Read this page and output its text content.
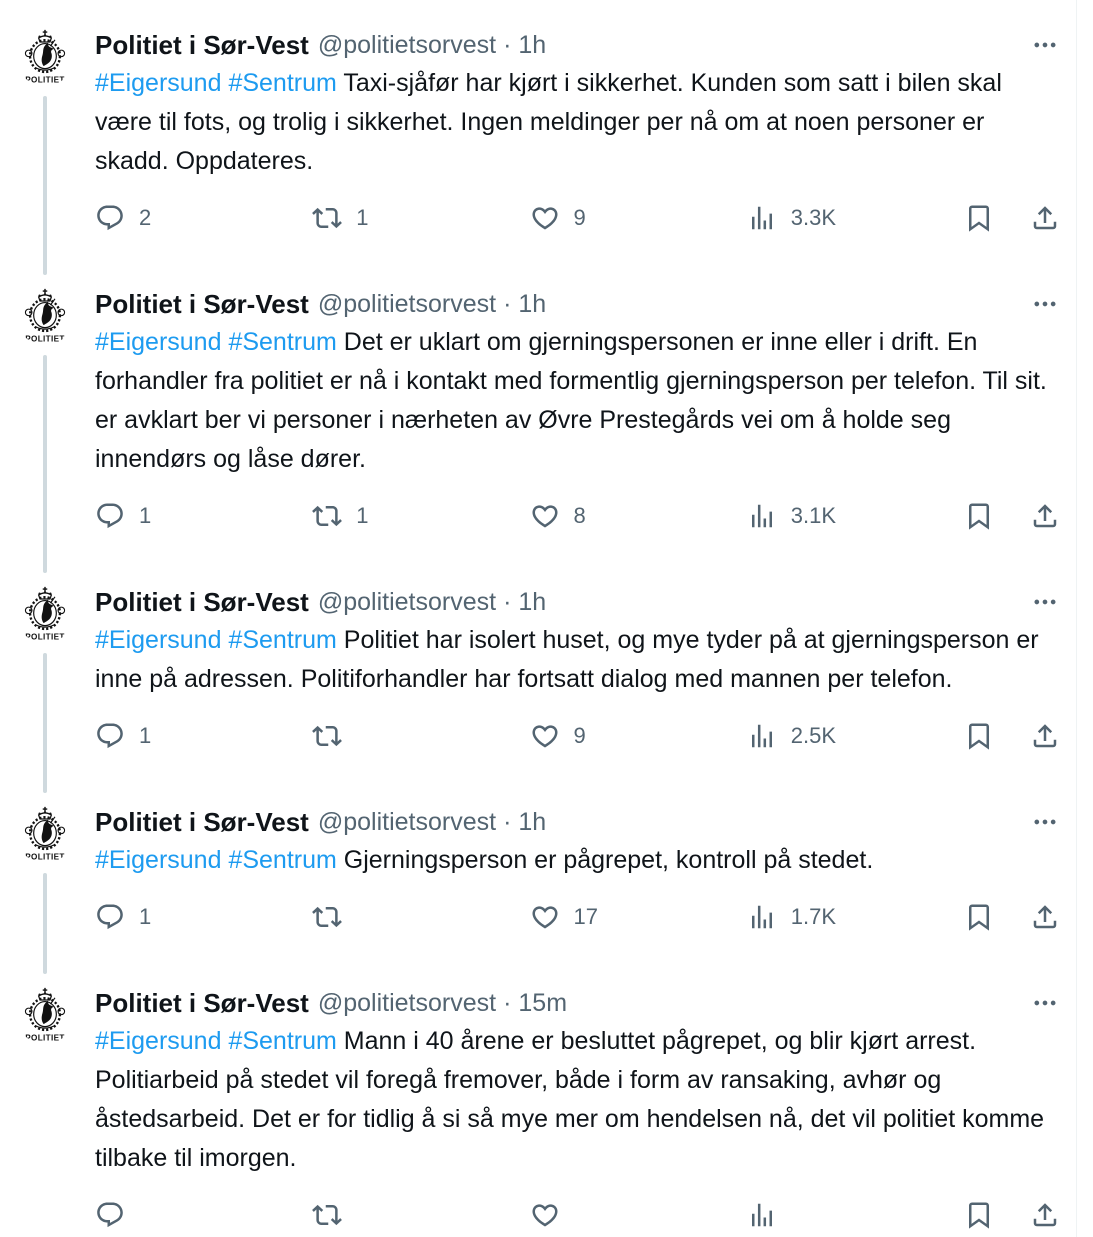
POLITIET
Politiet i Sør-Vest @politietsorvest · 1h
#Eigersund #Sentrum Taxi-sjåfør har kjørt i sikkerhet. Kunden som satt i bilen skal være til fots, og trolig i sikkerhet. Ingen meldinger per nå om at noen personer er skadd. Oppdateres.
2	1	9	3.3K
POLITIET
Politiet i Sør-Vest @politietsorvest · 1h
#Eigersund #Sentrum Det er uklart om gjerningspersonen er inne eller i drift. En forhandler fra politiet er nå i kontakt med formentlig gjerningsperson per telefon. Til sit. er avklart ber vi personer i nærheten av Øvre Prestegårds vei om å holde seg innendørs og låse dører.
1	1	8	3.1K
POLITIET
Politiet i Sør-Vest @politietsorvest · 1h
#Eigersund #Sentrum Politiet har isolert huset, og mye tyder på at gjerningsperson er inne på adressen. Politiforhandler har fortsatt dialog med mannen per telefon.
1	9	2.5K
POLITIET
Politiet i Sør-Vest @politietsorvest · 1h
#Eigersund #Sentrum Gjerningsperson er pågrepet, kontroll på stedet.
1	17	1.7K
POLITIET
Politiet i Sør-Vest @politietsorvest · 15m
#Eigersund #Sentrum Mann i 40 årene er besluttet pågrepet, og blir kjørt arrest. Politiarbeid på stedet vil foregå fremover, både i form av ransaking, avhør og åstedsarbeid. Det er for tidlig å si så mye mer om hendelsen nå, det vil politiet komme tilbake til imorgen.
